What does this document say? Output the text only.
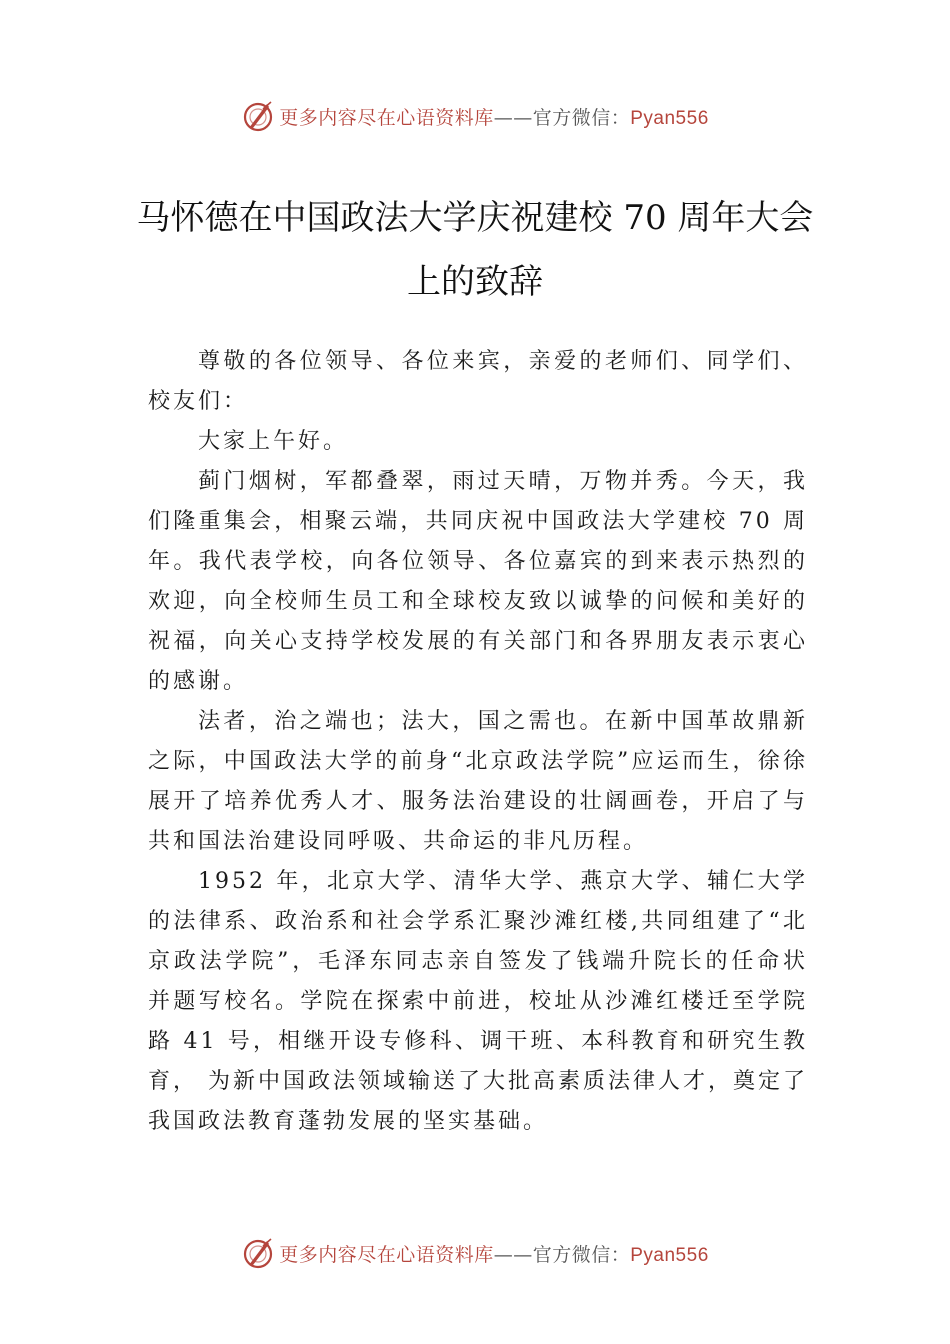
更多内容尽在心语资料库——官方微信：Pyan556
马怀德在中国政法大学庆祝建校 70 周年大会上的致辞

尊敬的各位领导、各位来宾，亲爱的老师们、同学们、校友们：

大家上午好。

蓟门烟树，军都叠翠，雨过天晴，万物并秀。今天，我们隆重集会，相聚云端，共同庆祝中国政法大学建校 70 周年。我代表学校，向各位领导、各位嘉宾的到来表示热烈的欢迎，向全校师生员工和全球校友致以诚挚的问候和美好的祝福，向关心支持学校发展的有关部门和各界朋友表示衷心的感谢。

法者，治之端也；法大，国之需也。在新中国革故鼎新之际，中国政法大学的前身“北京政法学院”应运而生，徐徐展开了培养优秀人才、服务法治建设的壮阔画卷，开启了与共和国法治建设同呼吸、共命运的非凡历程。

1952 年，北京大学、清华大学、燕京大学、辅仁大学的法律系、政治系和社会学系汇聚沙滩红楼,共同组建了“北京政法学院”，毛泽东同志亲自签发了钱端升院长的任命状并题写校名。学院在探索中前进，校址从沙滩红楼迁至学院路 41 号，相继开设专修科、调干班、本科教育和研究生教育， 为新中国政法领域输送了大批高素质法律人才，奠定了我国政法教育蓬勃发展的坚实基础。

更多内容尽在心语资料库——官方微信：Pyan556
